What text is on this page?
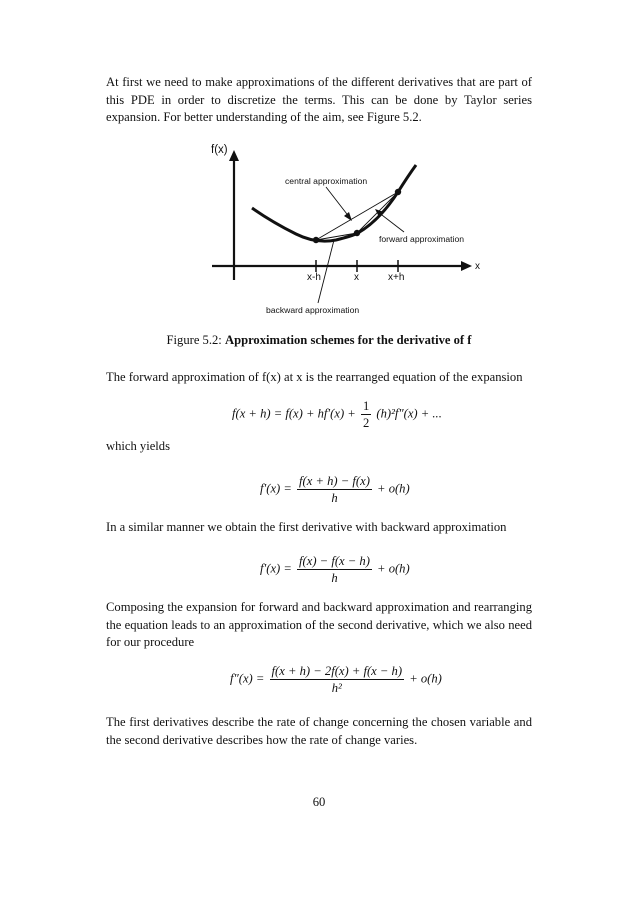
At first we need to make approximations of the different derivatives that are part of this PDE in order to discretize the terms. This can be done by Taylor series expansion. For better understanding of the aim, see Figure 5.2.
f(x)
x
x-h	x	x+h
central approximation
forward approximation
backward approximation
Figure 5.2: Approximation schemes for the derivative of f
The forward approximation of f(x) at x is the rearranged equation of the expansion
$f(x + h) = f(x) + hf'(x) + \frac{1}{2} (h)^2f''(x)$ + ...
which yields
$f'(x) = \frac{f(x + h) - f(x)}{h} + o(h)$
In a similar manner we obtain the first derivative with backward approximation
$f'(x) = \frac{f(x) - f(x - h)}{h} + o(h)$
Composing the expansion for forward and backward approximation and rearranging the equation leads to an approximation of the second derivative, which we also need for our procedure
$f''(x) = \frac{f(x + h) - 2f(x) + f(x - h)}{\text{h²}} + o(h)$
The first derivatives describe the rate of change concerning the chosen variable and the second derivative describes how the rate of change varies.
60
